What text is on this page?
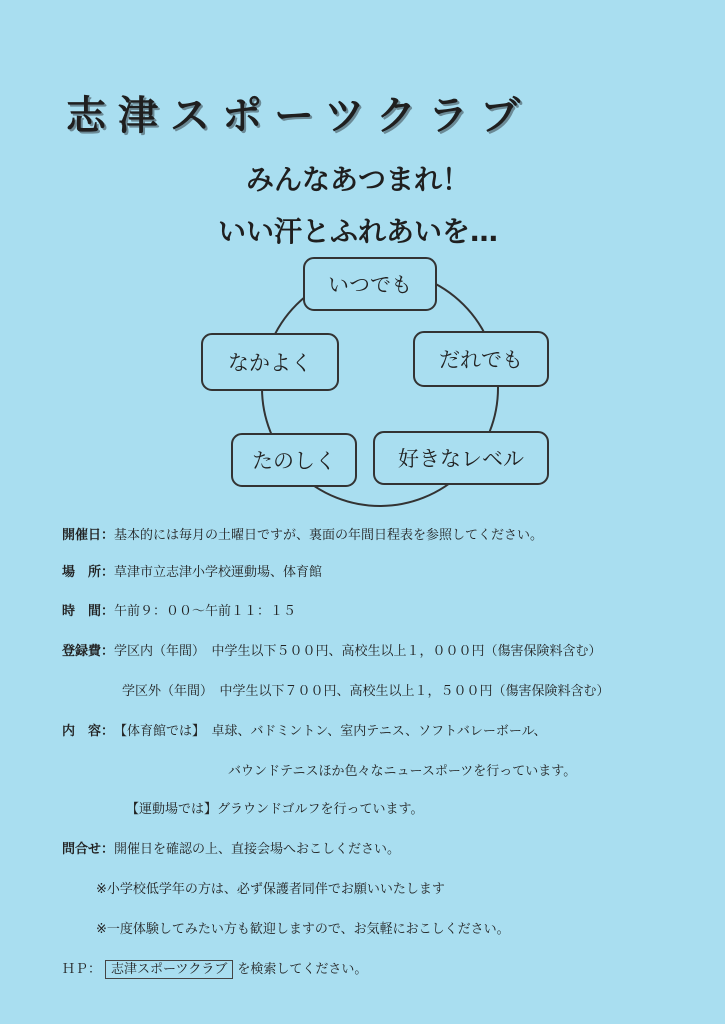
志津スポーツクラブ
みんなあつまれ！
いい汗とふれあいを…
いつでも
だれでも
好きなレベル
たのしく
なかよく
開催日：基本的には毎月の土曜日ですが、裏面の年間日程表を参照してください。
場　所：草津市立志津小学校運動場、体育館
時　間：午前９：００～午前１１：１５
登録費：学区内（年間）　中学生以下５００円、高校生以上１，０００円（傷害保険料含む）
学区外（年間）　中学生以下７００円、高校生以上１，５００円（傷害保険料含む）
内　容：【体育館では】　卓球、バドミントン、室内テニス、ソフトバレーボール、
バウンドテニスほか色々なニュースポーツを行っています。
【運動場では】グラウンドゴルフを行っています。
問合せ：開催日を確認の上、直接会場へおこしください。
※小学校低学年の方は、必ず保護者同伴でお願いいたします
※一度体験してみたい方も歓迎しますので、お気軽におこしください。
ＨＰ： 志津スポーツクラブ を検索してください。
